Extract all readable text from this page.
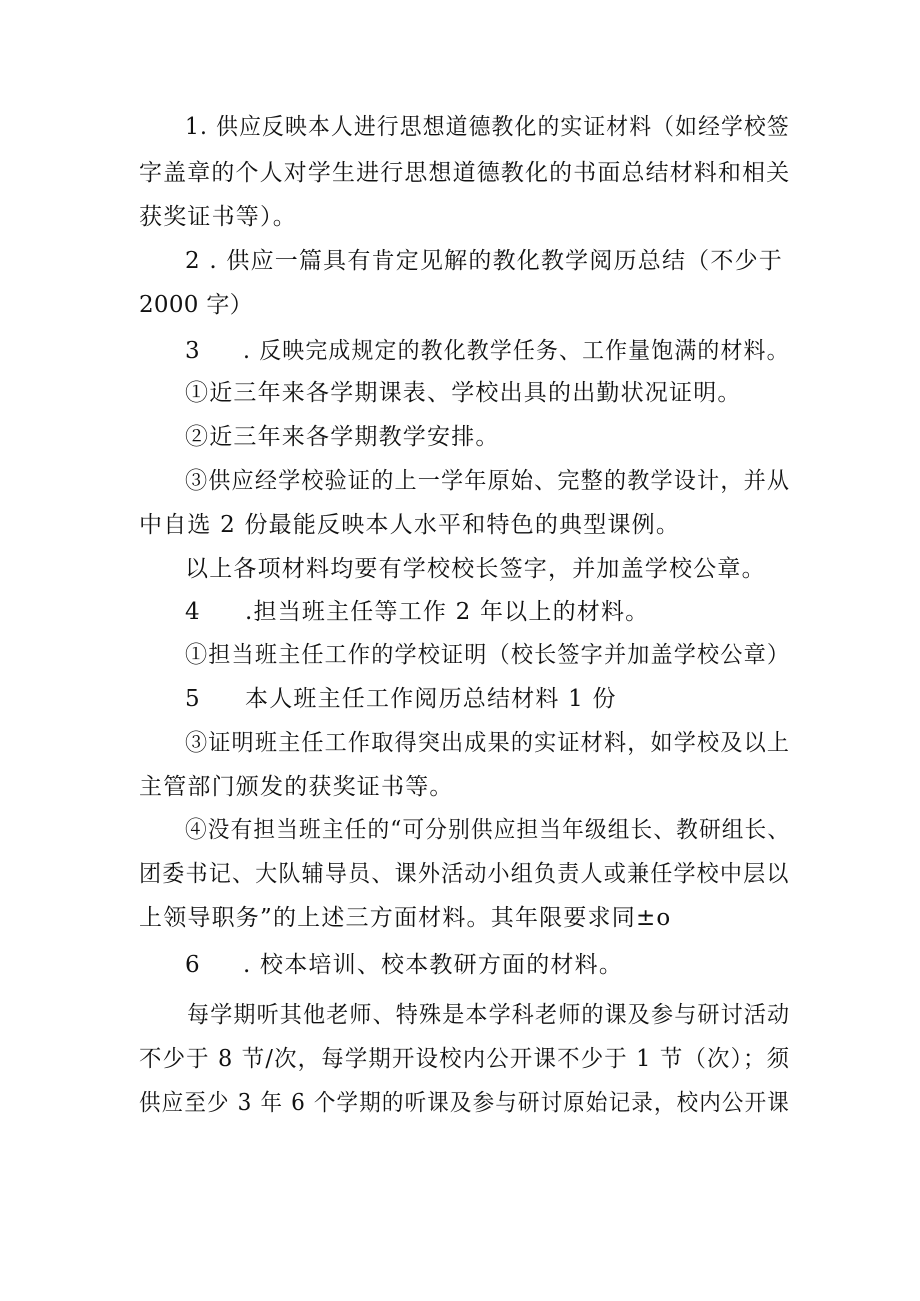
1. 供应反映本人进行思想道德教化的实证材料（如经学校签

字盖章的个人对学生进行思想道德教化的书面总结材料和相关

获奖证书等）。

2 . 供应一篇具有肯定见解的教化教学阅历总结（不少于

2000 字）

3 . 反映完成规定的教化教学任务、工作量饱满的材料。

①近三年来各学期课表、学校出具的出勤状况证明。

②近三年来各学期教学安排。

③供应经学校验证的上一学年原始、完整的教学设计，并从

中自选 2 份最能反映本人水平和特色的典型课例。

以上各项材料均要有学校校长签字，并加盖学校公章。

4 .担当班主任等工作 2 年以上的材料。

①担当班主任工作的学校证明（校长签字并加盖学校公章）

5 本人班主任工作阅历总结材料 1 份

③证明班主任工作取得突出成果的实证材料，如学校及以上

主管部门颁发的获奖证书等。

④没有担当班主任的“可分别供应担当年级组长、教研组长、

团委书记、大队辅导员、课外活动小组负责人或兼任学校中层以

上领导职务”的上述三方面材料。其年限要求同±o

6 . 校本培训、校本教研方面的材料。

每学期听其他老师、特殊是本学科老师的课及参与研讨活动

不少于 8 节/次，每学期开设校内公开课不少于 1 节（次）；须

供应至少 3 年 6 个学期的听课及参与研讨原始记录，校内公开课
